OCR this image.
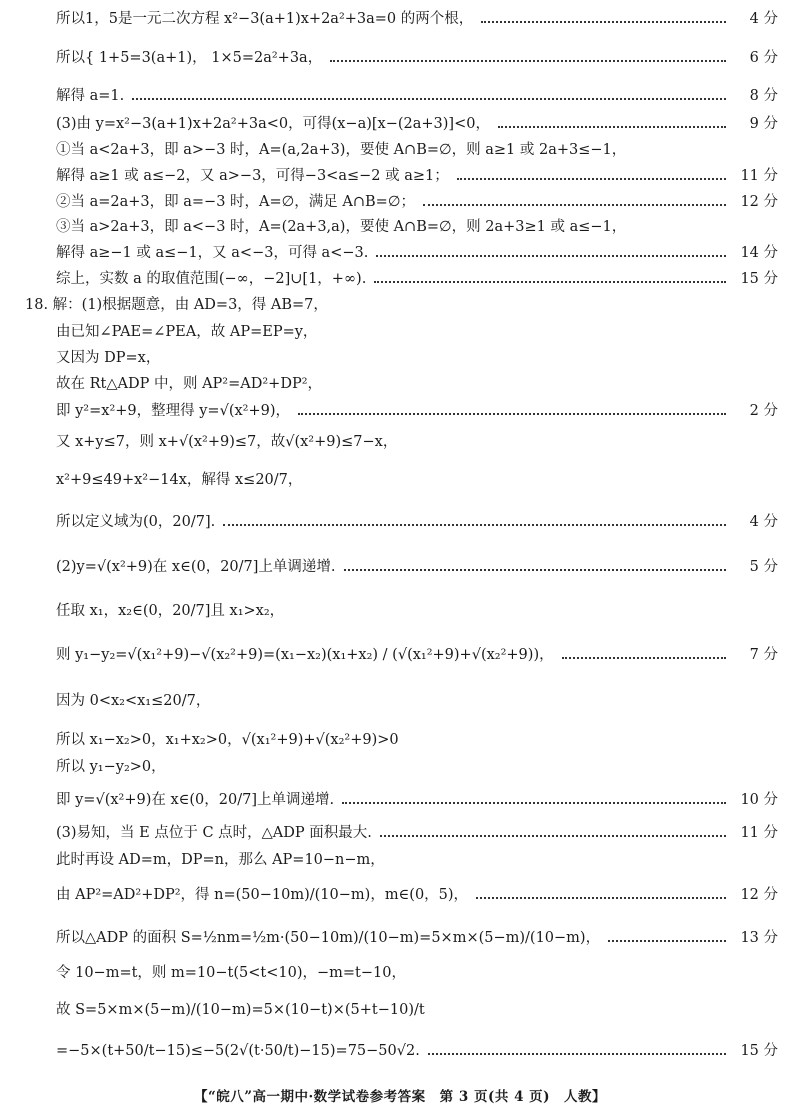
所以1，5是一元二次方程 x²−3(a+1)x+2a²+3a=0 的两个根，	4 分
所以{ 1+5=3(a+1)， 1×5=2a²+3a，	6 分
解得 a=1.	8 分
(3)由 y=x²−3(a+1)x+2a²+3a<0，可得(x−a)[x−(2a+3)]<0，	9 分
①当 a<2a+3，即 a>−3 时，A=(a,2a+3)，要使 A∩B=∅，则 a≥1 或 2a+3≤−1，
解得 a≥1 或 a≤−2，又 a>−3，可得−3<a≤−2 或 a≥1；	11 分
②当 a=2a+3，即 a=−3 时，A=∅，满足 A∩B=∅；	12 分
③当 a>2a+3，即 a<−3 时，A=(2a+3,a)，要使 A∩B=∅，则 2a+3≥1 或 a≤−1，
解得 a≥−1 或 a≤−1，又 a<−3，可得 a<−3.	14 分
综上，实数 a 的取值范围(−∞，−2]∪[1，+∞).	15 分
18. 解：(1)根据题意，由 AD=3，得 AB=7，
由已知∠PAE=∠PEA，故 AP=EP=y，
又因为 DP=x，
故在 Rt△ADP 中，则 AP²=AD²+DP²，
即 y²=x²+9，整理得 y=√(x²+9)，	2 分
又 x+y≤7，则 x+√(x²+9)≤7，故√(x²+9)≤7−x，
x²+9≤49+x²−14x，解得 x≤20/7，
所以定义域为(0，20/7].	4 分
(2)y=√(x²+9)在 x∈(0，20/7]上单调递增.	5 分
任取 x₁，x₂∈(0，20/7]且 x₁>x₂，
则 y₁−y₂=√(x₁²+9)−√(x₂²+9)=(x₁−x₂)(x₁+x₂) / (√(x₁²+9)+√(x₂²+9))，	7 分
因为 0<x₂<x₁≤20/7，
所以 x₁−x₂>0，x₁+x₂>0，√(x₁²+9)+√(x₂²+9)>0
所以 y₁−y₂>0，
即 y=√(x²+9)在 x∈(0，20/7]上单调递增.	10 分
(3)易知，当 E 点位于 C 点时，△ADP 面积最大.	11 分
此时再设 AD=m，DP=n，那么 AP=10−n−m，
由 AP²=AD²+DP²，得 n=(50−10m)/(10−m)，m∈(0，5)，	12 分
所以△ADP 的面积 S=½nm=½m·(50−10m)/(10−m)=5×m×(5−m)/(10−m)，	13 分
令 10−m=t，则 m=10−t(5<t<10)，−m=t−10，
故 S=5×m×(5−m)/(10−m)=5×(10−t)×(5+t−10)/t
=−5×(t+50/t−15)≤−5(2√(t·50/t)−15)=75−50√2.	15 分
【“皖八”高一期中·数学试卷参考答案　第 3 页(共 4 页)　人教】
